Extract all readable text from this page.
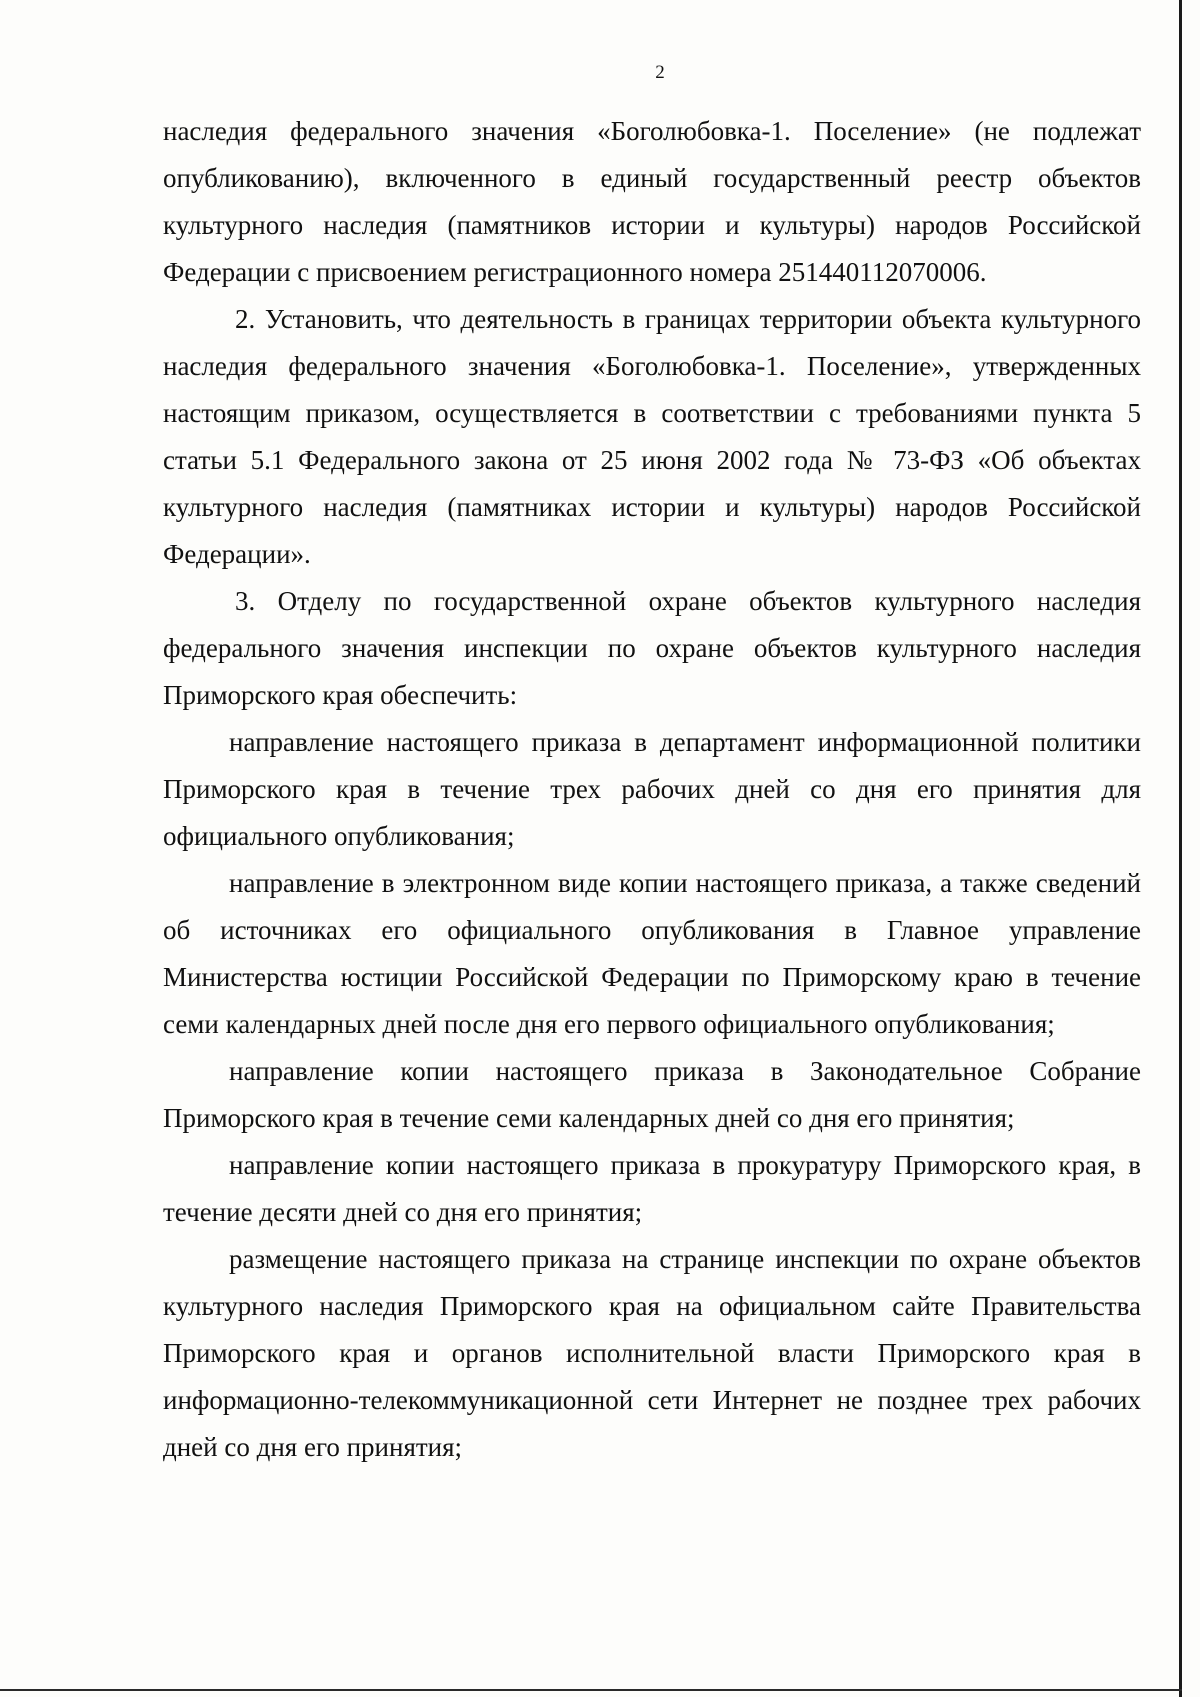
2

наследия федерального значения «Боголюбовка-1. Поселение» (не подлежат опубликованию), включенного в единый государственный реестр объектов культурного наследия (памятников истории и культуры) народов Российской Федерации с присвоением регистрационного номера 251440112070006.

2. Установить, что деятельность в границах территории объекта культурного наследия федерального значения «Боголюбовка-1. Поселение», утвержденных настоящим приказом, осуществляется в соответствии с требованиями пункта 5 статьи 5.1 Федерального закона от 25 июня 2002 года № 73-ФЗ «Об объектах культурного наследия (памятниках истории и культуры) народов Российской Федерации».

3. Отделу по государственной охране объектов культурного наследия федерального значения инспекции по охране объектов культурного наследия Приморского края обеспечить:

направление настоящего приказа в департамент информационной политики Приморского края в течение трех рабочих дней со дня его принятия для официального опубликования;

направление в электронном виде копии настоящего приказа, а также сведений об источниках его официального опубликования в Главное управление Министерства юстиции Российской Федерации по Приморскому краю в течение семи календарных дней после дня его первого официального опубликования;

направление копии настоящего приказа в Законодательное Собрание Приморского края в течение семи календарных дней со дня его принятия;

направление копии настоящего приказа в прокуратуру Приморского края, в течение десяти дней со дня его принятия;

размещение настоящего приказа на странице инспекции по охране объектов культурного наследия Приморского края на официальном сайте Правительства Приморского края и органов исполнительной власти Приморского края в информационно-телекоммуникационной сети Интернет не позднее трех рабочих дней со дня его принятия;
